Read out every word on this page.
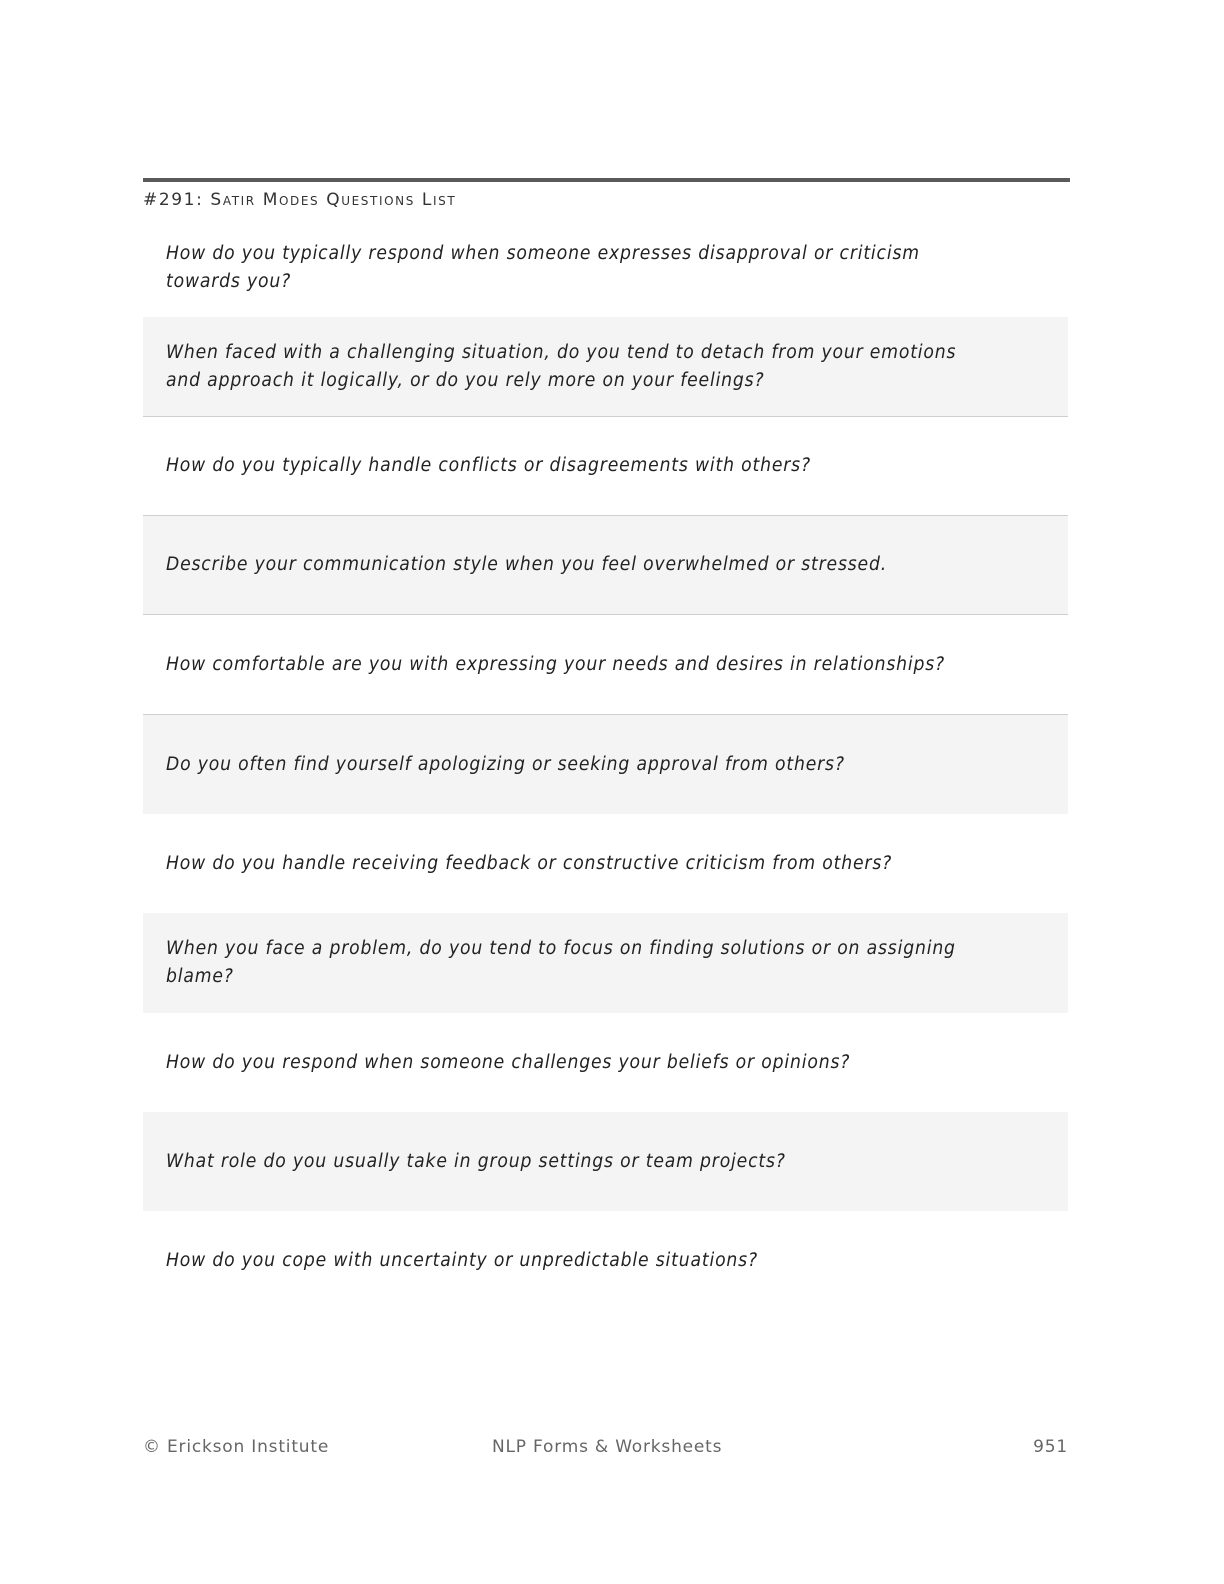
#291: Satir Modes Questions List
How do you typically respond when someone expresses disapproval or criticism towards you?
When faced with a challenging situation, do you tend to detach from your emotions and approach it logically, or do you rely more on your feelings?
How do you typically handle conflicts or disagreements with others?
Describe your communication style when you feel overwhelmed or stressed.
How comfortable are you with expressing your needs and desires in relationships?
Do you often find yourself apologizing or seeking approval from others?
How do you handle receiving feedback or constructive criticism from others?
When you face a problem, do you tend to focus on finding solutions or on assigning blame?
How do you respond when someone challenges your beliefs or opinions?
What role do you usually take in group settings or team projects?
How do you cope with uncertainty or unpredictable situations?
© Erickson Institute	NLP Forms & Worksheets	951
